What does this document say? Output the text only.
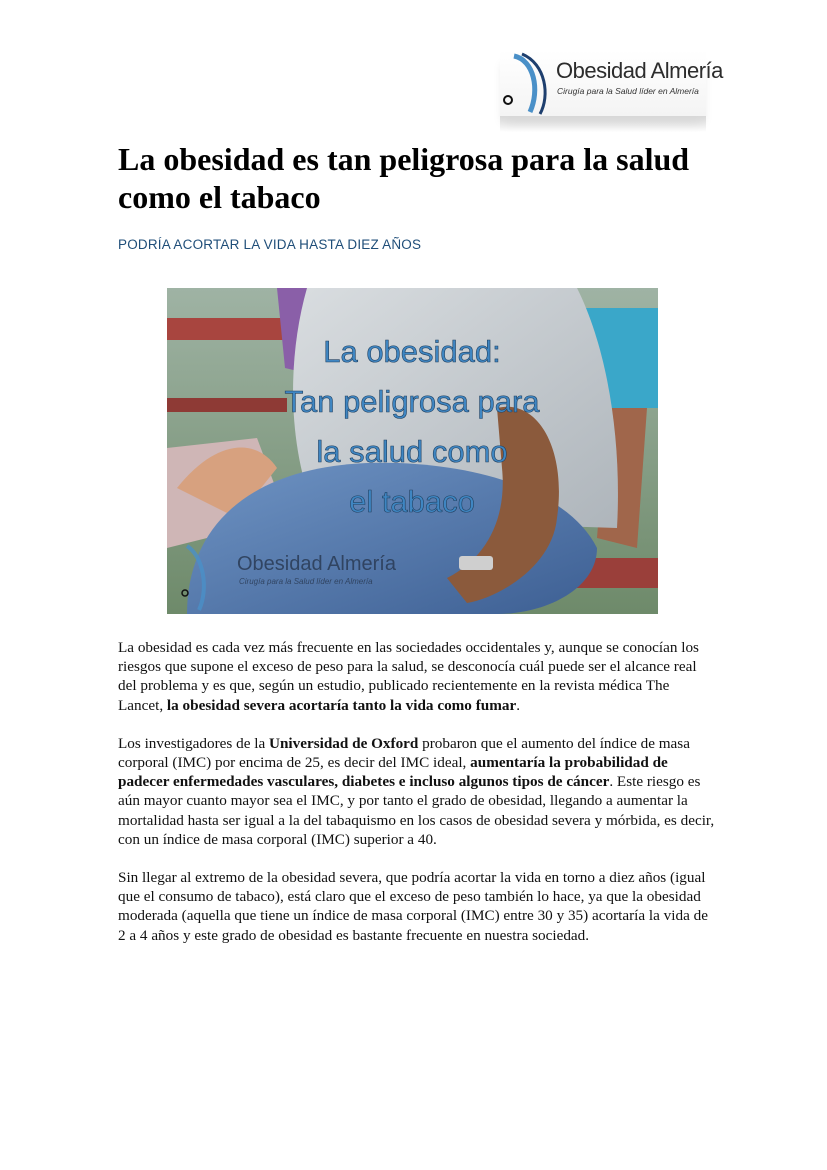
Obesidad Almería
Cirugía para la Salud líder en Almería
La obesidad es tan peligrosa para la salud como el tabaco

PODRÍA ACORTAR LA VIDA HASTA DIEZ AÑOS

La obesidad:
Tan peligrosa para
la salud como
el tabaco
Obesidad Almería
Cirugía para la Salud líder en Almería

La obesidad es cada vez más frecuente en las sociedades occidentales y, aunque se conocían los riesgos que supone el exceso de peso para la salud, se desconocía cuál puede ser el alcance real del problema y es que, según un estudio, publicado recientemente en la revista médica The Lancet, la obesidad severa acortaría tanto la vida como fumar.

Los investigadores de la Universidad de Oxford probaron que el aumento del índice de masa corporal (IMC) por encima de 25, es decir del IMC ideal, aumentaría la probabilidad de padecer enfermedades vasculares, diabetes e incluso algunos tipos de cáncer. Este riesgo es aún mayor cuanto mayor sea el IMC, y por tanto el grado de obesidad, llegando a aumentar la mortalidad hasta ser igual a la del tabaquismo en los casos de obesidad severa y mórbida, es decir, con un índice de masa corporal (IMC) superior a 40.

Sin llegar al extremo de la obesidad severa, que podría acortar la vida en torno a diez años (igual que el consumo de tabaco), está claro que el exceso de peso también lo hace, ya que la obesidad moderada (aquella que tiene un índice de masa corporal (IMC) entre 30 y 35) acortaría la vida de 2 a 4 años y este grado de obesidad es bastante frecuente en nuestra sociedad.
